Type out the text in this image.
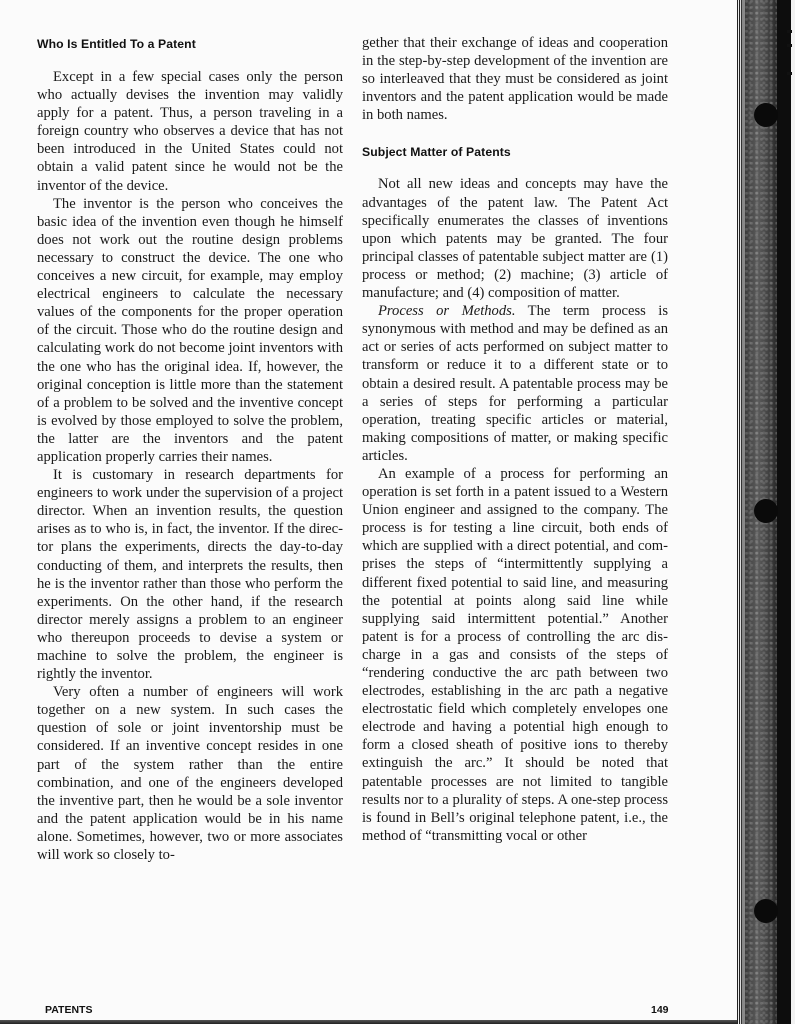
Who Is Entitled To a Patent

Except in a few special cases only the person who actually devises the invention may validly apply for a patent. Thus, a person traveling in a foreign country who observes a device that has not been introduced in the United States could not obtain a valid patent since he would not be the inventor of the device.

The inventor is the person who conceives the basic idea of the invention even though he himself does not work out the routine design problems necessary to construct the device. The one who conceives a new circuit, for example, may employ electrical engineers to calculate the necessary values of the components for the proper operation of the circuit. Those who do the routine design and calculating work do not become joint inventors with the one who has the original idea. If, however, the original conception is little more than the statement of a problem to be solved and the inventive concept is evolved by those employed to solve the problem, the latter are the inventors and the patent application properly carries their names.

It is customary in research departments for engineers to work under the supervision of a project director. When an invention results, the question arises as to who is, in fact, the inventor. If the director plans the experiments, directs the day-to-day conducting of them, and interprets the results, then he is the inventor rather than those who perform the experiments. On the other hand, if the research director merely assigns a problem to an engineer who thereupon proceeds to devise a system or machine to solve the problem, the engineer is rightly the inventor.

Very often a number of engineers will work together on a new system. In such cases the question of sole or joint inventorship must be considered. If an inventive concept resides in one part of the system rather than the entire combination, and one of the engineers developed the inventive part, then he would be a sole inventor and the patent application would be in his name alone. Sometimes, however, two or more associates will work so closely to-

gether that their exchange of ideas and cooperation in the step-by-step development of the invention are so interleaved that they must be considered as joint inventors and the patent application would be made in both names.

Subject Matter of Patents

Not all new ideas and concepts may have the advantages of the patent law. The Patent Act specifically enumerates the classes of inventions upon which patents may be granted. The four principal classes of patentable subject matter are (1) process or method; (2) machine; (3) article of manufacture; and (4) composition of matter.

Process or Methods. The term process is synonymous with method and may be defined as an act or series of acts performed on subject matter to transform or reduce it to a different state or to obtain a desired result. A patentable process may be a series of steps for performing a particular operation, treating specific articles or material, making compositions of matter, or making specific articles.

An example of a process for performing an operation is set forth in a patent issued to a Western Union engineer and assigned to the company. The process is for testing a line circuit, both ends of which are supplied with a direct potential, and comprises the steps of “intermittently supplying a different fixed potential to said line, and measuring the potential at points along said line while supplying said intermittent potential.” Another patent is for a process of controlling the arc discharge in a gas and consists of the steps of “rendering conductive the arc path between two electrodes, establishing in the arc path a negative electrostatic field which completely envelopes one electrode and having a potential high enough to form a closed sheath of positive ions to thereby extinguish the arc.” It should be noted that patentable processes are not limited to tangible results nor to a plurality of steps. A one-step process is found in Bell’s original telephone patent, i.e., the method of “transmitting vocal or other

PATENTS	149
